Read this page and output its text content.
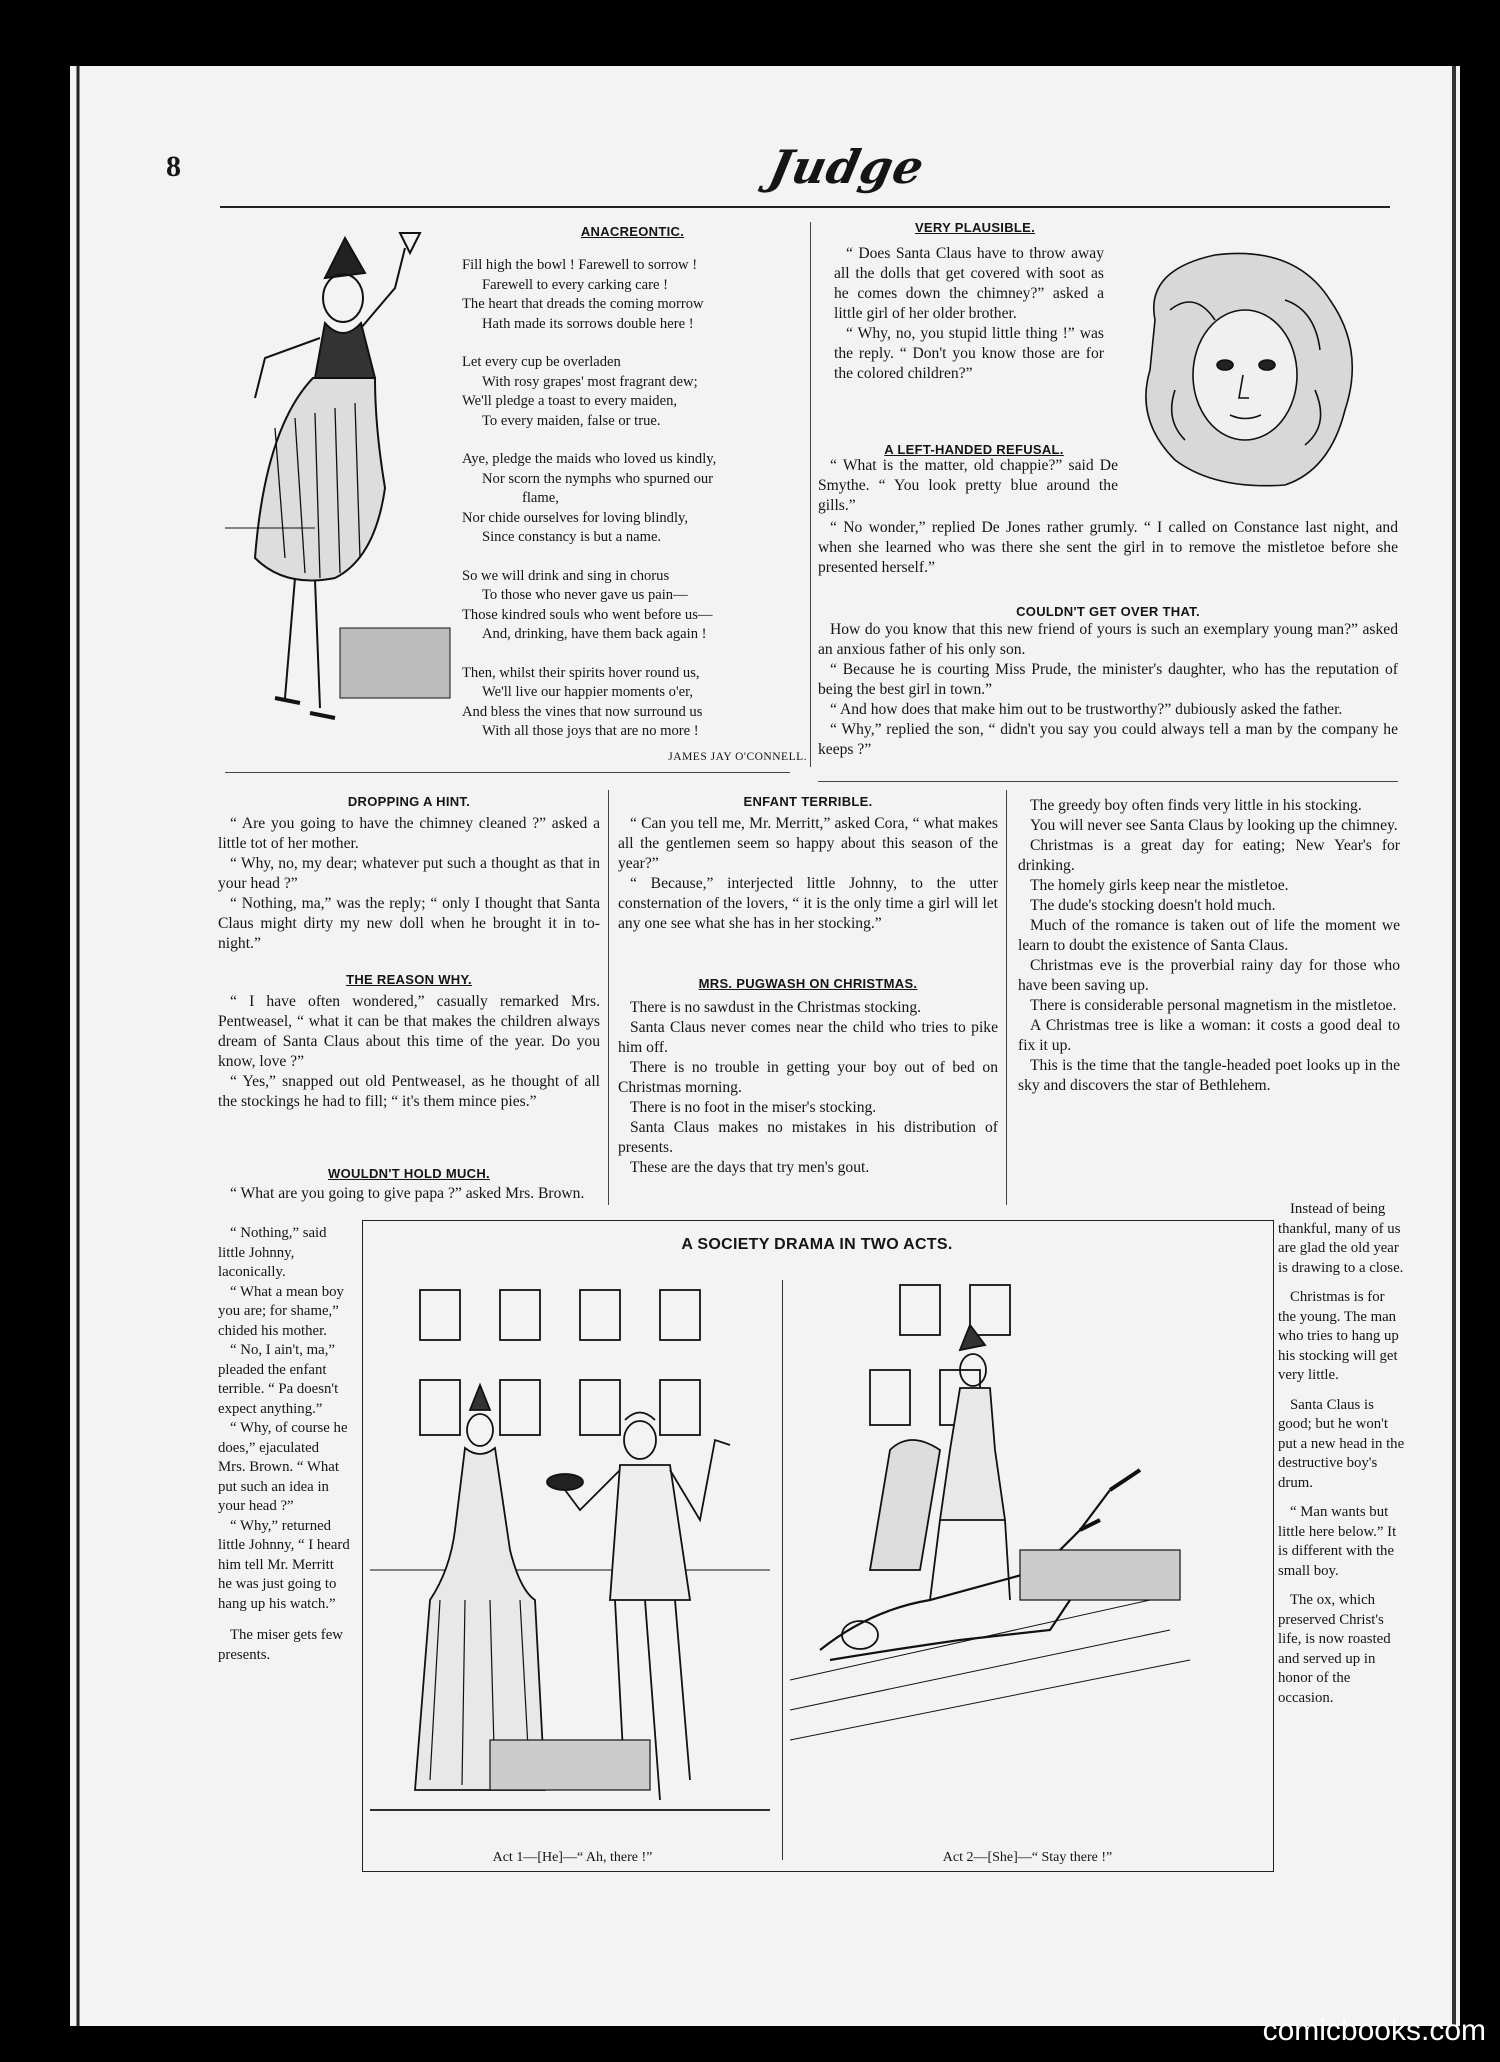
8	Judge
ANACREONTIC.
Fill high the bowl ! Farewell to sorrow !
Farewell to every carking care !
The heart that dreads the coming morrow
Hath made its sorrows double here !
Let every cup be overladen
With rosy grapes' most fragrant dew;
We'll pledge a toast to every maiden,
To every maiden, false or true.
Aye, pledge the maids who loved us kindly,
Nor scorn the nymphs who spurned our
flame,
Nor chide ourselves for loving blindly,
Since constancy is but a name.
So we will drink and sing in chorus
To those who never gave us pain—
Those kindred souls who went before us—
And, drinking, have them back again !
Then, whilst their spirits hover round us,
We'll live our happier moments o'er,
And bless the vines that now surround us
With all those joys that are no more !
JAMES JAY O'CONNELL.
VERY PLAUSIBLE.

“ Does Santa Claus have to throw away all the dolls that get covered with soot as he comes down the chimney?” asked a little girl of her older brother.

“ Why, no, you stupid little thing !” was the reply. “ Don't you know those are for the colored children?”

A LEFT-HANDED REFUSAL.

“ What is the matter, old chappie?” said De Smythe. “ You look pretty blue around the gills.”

“ No wonder,” replied De Jones rather grumly. “ I called on Constance last night, and when she learned who was there she sent the girl in to remove the mistletoe before she presented herself.”

COULDN'T GET OVER THAT.

How do you know that this new friend of yours is such an exemplary young man?” asked an anxious father of his only son.

“ Because he is courting Miss Prude, the minister's daughter, who has the reputation of being the best girl in town.”

“ And how does that make him out to be trustworthy?” dubiously asked the father.

“ Why,” replied the son, “ didn't you say you could always tell a man by the company he keeps ?”

DROPPING A HINT.

“ Are you going to have the chimney cleaned ?” asked a little tot of her mother.

“ Why, no, my dear; whatever put such a thought as that in your head ?”

“ Nothing, ma,” was the reply; “ only I thought that Santa Claus might dirty my new doll when he brought it in to-night.”

THE REASON WHY.

“ I have often wondered,” casually remarked Mrs. Pentweasel, “ what it can be that makes the children always dream of Santa Claus about this time of the year. Do you know, love ?”

“ Yes,” snapped out old Pentweasel, as he thought of all the stockings he had to fill; “ it's them mince pies.”

WOULDN'T HOLD MUCH.

“ What are you going to give papa ?” asked Mrs. Brown.

“ Nothing,” said little Johnny, laconically.

“ What a mean boy you are; for shame,” chided his mother.

“ No, I ain't, ma,” pleaded the enfant terrible. “ Pa doesn't expect anything.”

“ Why, of course he does,” ejaculated Mrs. Brown. “ What put such an idea in your head ?”

“ Why,” returned little Johnny, “ I heard him tell Mr. Merritt he was just going to hang up his watch.”

The miser gets few presents.

ENFANT TERRIBLE.

“ Can you tell me, Mr. Merritt,” asked Cora, “ what makes all the gentlemen seem so happy about this season of the year?”

“ Because,” interjected little Johnny, to the utter consternation of the lovers, “ it is the only time a girl will let any one see what she has in her stocking.”

MRS. PUGWASH ON CHRISTMAS.

There is no sawdust in the Christmas stocking.

Santa Claus never comes near the child who tries to pike him off.

There is no trouble in getting your boy out of bed on Christmas morning.

There is no foot in the miser's stocking.

Santa Claus makes no mistakes in his distribution of presents.

These are the days that try men's gout.

The greedy boy often finds very little in his stocking.

You will never see Santa Claus by looking up the chimney.

Christmas is a great day for eating; New Year's for drinking.

The homely girls keep near the mistletoe.

The dude's stocking doesn't hold much.

Much of the romance is taken out of life the moment we learn to doubt the existence of Santa Claus.

Christmas eve is the proverbial rainy day for those who have been saving up.

There is considerable personal magnetism in the mistletoe.

A Christmas tree is like a woman: it costs a good deal to fix it up.

This is the time that the tangle-headed poet looks up in the sky and discovers the star of Bethlehem.

Instead of being thankful, many of us are glad the old year is drawing to a close.

Christmas is for the young. The man who tries to hang up his stocking will get very little.

Santa Claus is good; but he won't put a new head in the destructive boy's drum.

“ Man wants but little here below.” It is different with the small boy.

The ox, which preserved Christ's life, is now roasted and served up in honor of the occasion.

A SOCIETY DRAMA IN TWO ACTS.
Act 1—[He]—“ Ah, there !”	Act 2—[She]—“ Stay there !”
comicbooks.com
